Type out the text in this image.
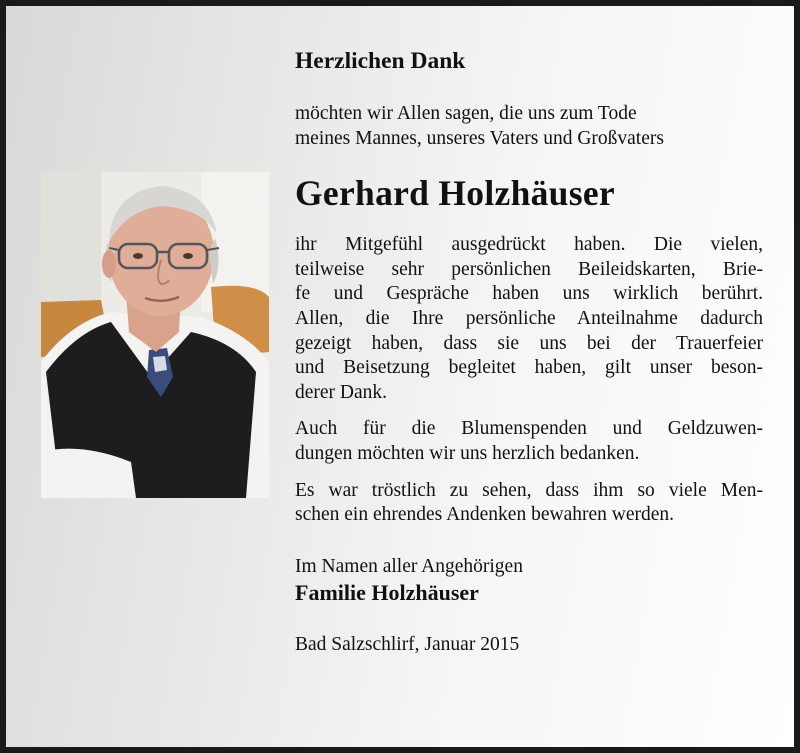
Herzlichen Dank

möchten wir Allen sagen, die uns zum Tode

meines Mannes, unseres Vaters und Großvaters

Gerhard Holzhäuser

ihr Mitgefühl ausgedrückt haben. Die vielen,

teilweise sehr persönlichen Beileidskarten, Brie-

fe und Gespräche haben uns wirklich berührt.

Allen, die Ihre persönliche Anteilnahme dadurch

gezeigt haben, dass sie uns bei der Trauerfeier

und Beisetzung begleitet haben, gilt unser beson-

derer Dank.

Auch für die Blumenspenden und Geldzuwen-

dungen möchten wir uns herzlich bedanken.

Es war tröstlich zu sehen, dass ihm so viele Men-

schen ein ehrendes Andenken bewahren werden.

Im Namen aller Angehörigen

Familie Holzhäuser

Bad Salzschlirf, Januar 2015
